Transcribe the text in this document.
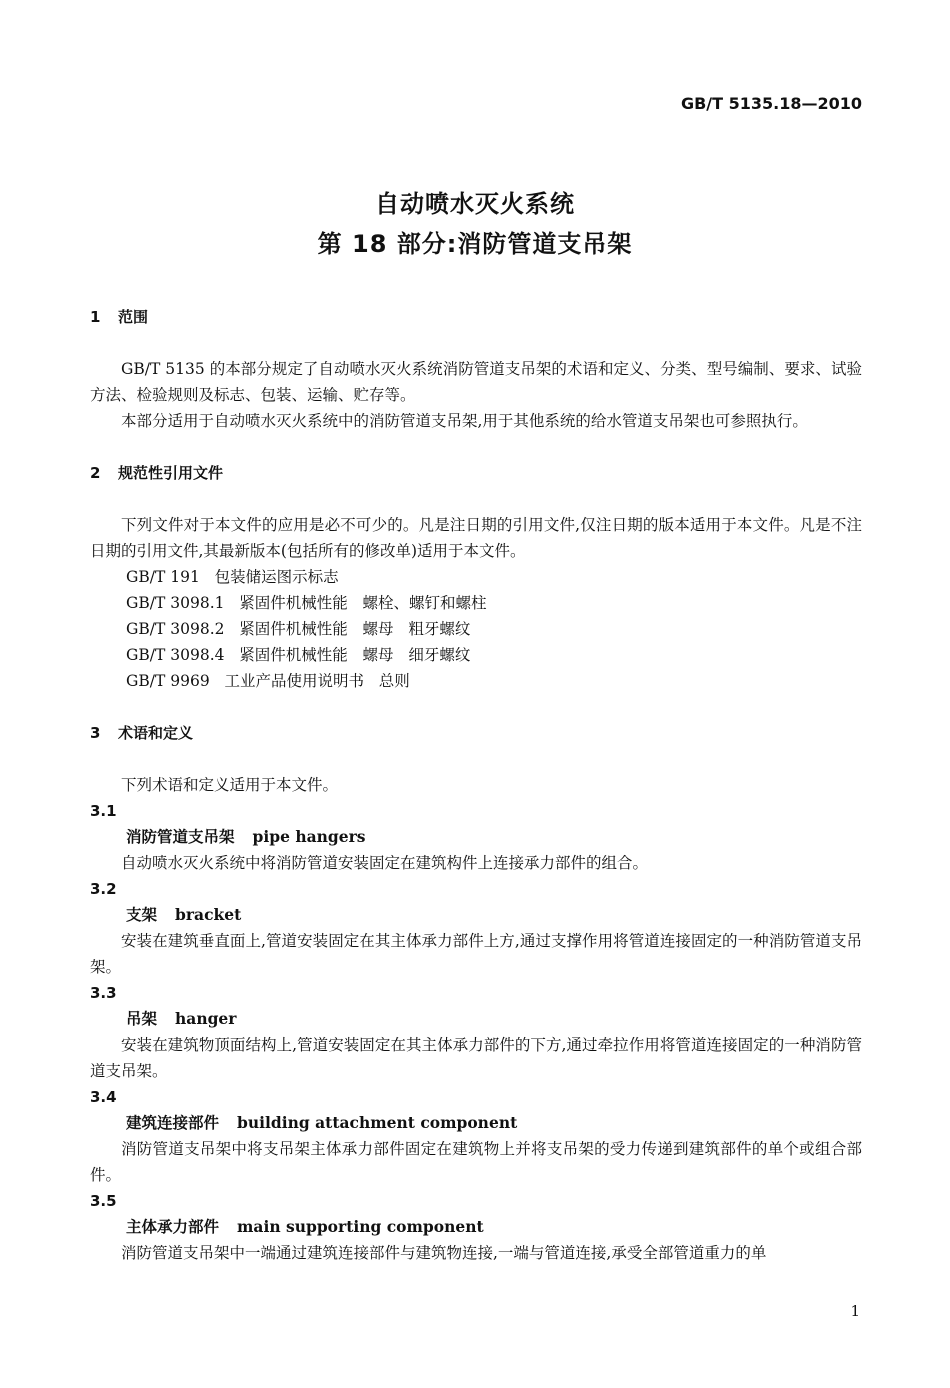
GB/T 5135.18—2010
自动喷水灭火系统
第 18 部分:消防管道支吊架

1 范围

GB/T 5135 的本部分规定了自动喷水灭火系统消防管道支吊架的术语和定义、分类、型号编制、要求、试验方法、检验规则及标志、包装、运输、贮存等。

本部分适用于自动喷水灭火系统中的消防管道支吊架,用于其他系统的给水管道支吊架也可参照执行。

2 规范性引用文件

下列文件对于本文件的应用是必不可少的。凡是注日期的引用文件,仅注日期的版本适用于本文件。凡是不注日期的引用文件,其最新版本(包括所有的修改单)适用于本文件。

GB/T 191   包装储运图示标志

GB/T 3098.1   紧固件机械性能   螺栓、螺钉和螺柱

GB/T 3098.2   紧固件机械性能   螺母   粗牙螺纹

GB/T 3098.4   紧固件机械性能   螺母   细牙螺纹

GB/T 9969   工业产品使用说明书   总则

3 术语和定义

下列术语和定义适用于本文件。

3.1

消防管道支吊架 pipe hangers

自动喷水灭火系统中将消防管道安装固定在建筑构件上连接承力部件的组合。

3.2

支架 bracket

安装在建筑垂直面上,管道安装固定在其主体承力部件上方,通过支撑作用将管道连接固定的一种消防管道支吊架。

3.3

吊架 hanger

安装在建筑物顶面结构上,管道安装固定在其主体承力部件的下方,通过牵拉作用将管道连接固定的一种消防管道支吊架。

3.4

建筑连接部件 building attachment component

消防管道支吊架中将支吊架主体承力部件固定在建筑物上并将支吊架的受力传递到建筑部件的单个或组合部件。

3.5

主体承力部件 main supporting component

消防管道支吊架中一端通过建筑连接部件与建筑物连接,一端与管道连接,承受全部管道重力的单

1
